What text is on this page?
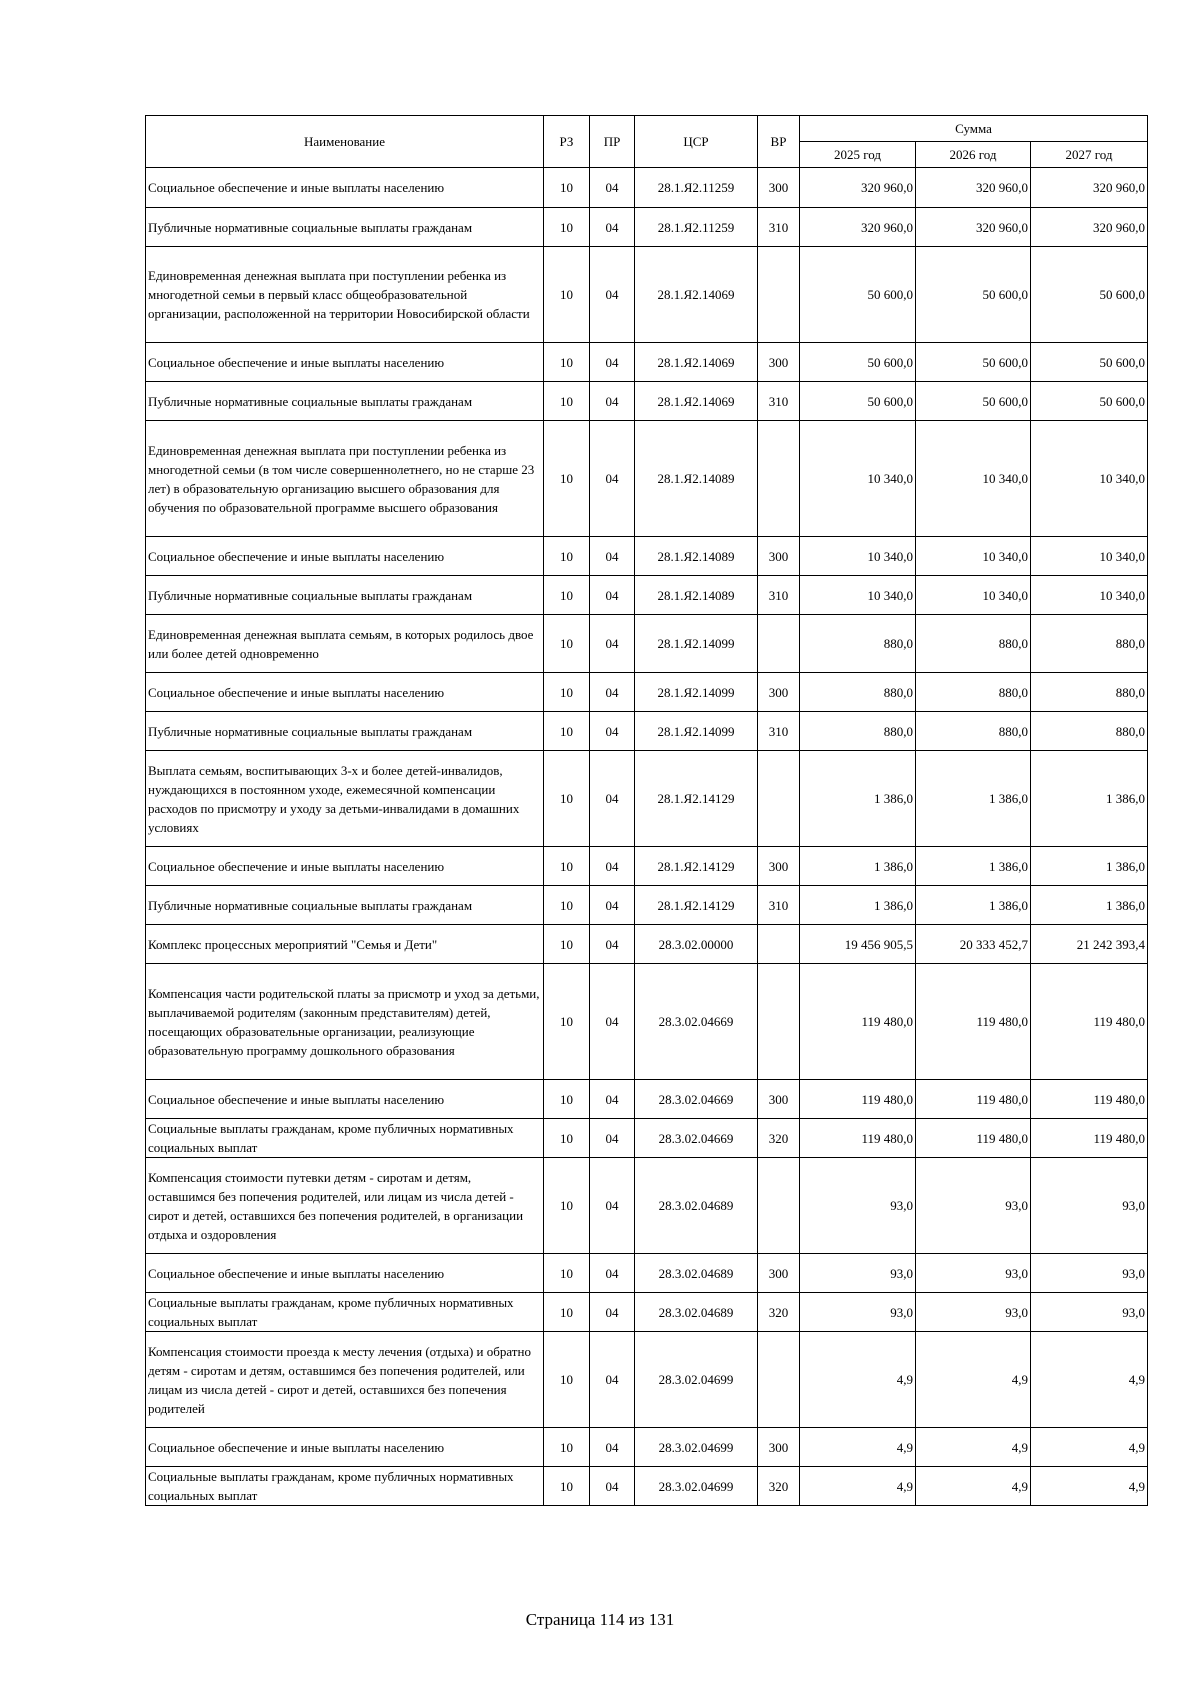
Наименование	РЗ	ПР	ЦСР	ВР	Сумма		
					2025 год	2026 год	2027 год
Социальное обеспечение и иные выплаты населению	10	04	28.1.Я2.11259	300	320 960,0	320 960,0	320 960,0
Публичные нормативные социальные выплаты гражданам	10	04	28.1.Я2.11259	310	320 960,0	320 960,0	320 960,0
Единовременная денежная выплата при поступлении ребенка из многодетной семьи в первый класс общеобразовательной организации, расположенной на территории Новосибирской области	10	04	28.1.Я2.14069		50 600,0	50 600,0	50 600,0
Социальное обеспечение и иные выплаты населению	10	04	28.1.Я2.14069	300	50 600,0	50 600,0	50 600,0
Публичные нормативные социальные выплаты гражданам	10	04	28.1.Я2.14069	310	50 600,0	50 600,0	50 600,0
Единовременная денежная выплата при поступлении ребенка из многодетной семьи (в том числе совершеннолетнего, но не старше 23 лет) в образовательную организацию высшего образования для обучения по образовательной программе высшего образования	10	04	28.1.Я2.14089		10 340,0	10 340,0	10 340,0
Социальное обеспечение и иные выплаты населению	10	04	28.1.Я2.14089	300	10 340,0	10 340,0	10 340,0
Публичные нормативные социальные выплаты гражданам	10	04	28.1.Я2.14089	310	10 340,0	10 340,0	10 340,0
Единовременная денежная выплата семьям, в которых родилось двое или более детей одновременно	10	04	28.1.Я2.14099		880,0	880,0	880,0
Социальное обеспечение и иные выплаты населению	10	04	28.1.Я2.14099	300	880,0	880,0	880,0
Публичные нормативные социальные выплаты гражданам	10	04	28.1.Я2.14099	310	880,0	880,0	880,0
Выплата семьям, воспитывающих 3-х и более детей-инвалидов, нуждающихся в постоянном уходе, ежемесячной компенсации расходов по присмотру и уходу за детьми-инвалидами в домашних условиях	10	04	28.1.Я2.14129		1 386,0	1 386,0	1 386,0
Социальное обеспечение и иные выплаты населению	10	04	28.1.Я2.14129	300	1 386,0	1 386,0	1 386,0
Публичные нормативные социальные выплаты гражданам	10	04	28.1.Я2.14129	310	1 386,0	1 386,0	1 386,0
Комплекс процессных мероприятий "Семья и Дети"	10	04	28.3.02.00000		19 456 905,5	20 333 452,7	21 242 393,4
Компенсация части родительской платы за присмотр и уход за детьми, выплачиваемой родителям (законным представителям) детей, посещающих образовательные организации, реализующие образовательную программу дошкольного образования	10	04	28.3.02.04669		119 480,0	119 480,0	119 480,0
Социальное обеспечение и иные выплаты населению	10	04	28.3.02.04669	300	119 480,0	119 480,0	119 480,0
Социальные выплаты гражданам, кроме публичных нормативных социальных выплат	10	04	28.3.02.04669	320	119 480,0	119 480,0	119 480,0
Компенсация стоимости путевки детям - сиротам и детям, оставшимся без попечения родителей, или лицам из числа детей - сирот и детей, оставшихся без попечения родителей, в организации отдыха и оздоровления	10	04	28.3.02.04689		93,0	93,0	93,0
Социальное обеспечение и иные выплаты населению	10	04	28.3.02.04689	300	93,0	93,0	93,0
Социальные выплаты гражданам, кроме публичных нормативных социальных выплат	10	04	28.3.02.04689	320	93,0	93,0	93,0
Компенсация стоимости проезда к месту лечения (отдыха) и обратно детям - сиротам и детям, оставшимся без попечения родителей, или лицам из числа детей - сирот и детей, оставшихся без попечения родителей	10	04	28.3.02.04699		4,9	4,9	4,9
Социальное обеспечение и иные выплаты населению	10	04	28.3.02.04699	300	4,9	4,9	4,9
Социальные выплаты гражданам, кроме публичных нормативных социальных выплат	10	04	28.3.02.04699	320	4,9	4,9	4,9
Страница 114 из 131
